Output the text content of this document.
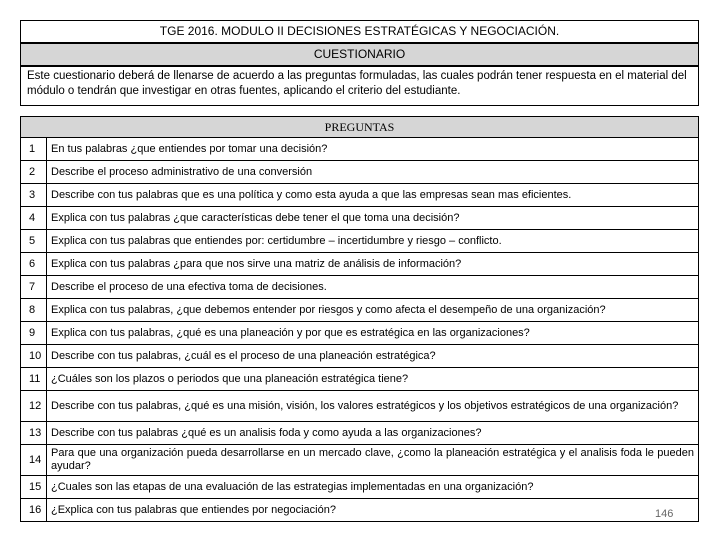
TGE 2016. MODULO II DECISIONES ESTRATÉGICAS Y NEGOCIACIÓN.
CUESTIONARIO
Este cuestionario deberá de llenarse de acuerdo a las preguntas formuladas, las cuales podrán tener respuesta en el material del módulo o tendrán que investigar en otras fuentes, aplicando el criterio del estudiante.
PREGUNTAS	
1	En tus palabras ¿que entiendes por tomar una decisión?
2	Describe el proceso administrativo de una conversión
3	Describe con tus palabras que es una política y como esta ayuda a que las empresas sean mas eficientes.
4	Explica con tus palabras ¿que características debe tener el que toma una decisión?
5	Explica con tus palabras que entiendes por: certidumbre – incertidumbre y riesgo – conflicto.
6	Explica con tus palabras ¿para que nos sirve una matriz de análisis de información?
7	Describe el proceso de una efectiva toma de decisiones.
8	Explica con tus palabras, ¿que debemos entender por riesgos y como afecta el desempeño de una organización?
9	Explica con tus palabras, ¿qué es una planeación y por que es estratégica en las organizaciones?
10	Describe con tus palabras, ¿cuál es el proceso de una planeación estratégica?
11	¿Cuáles son los plazos o periodos que una planeación estratégica tiene?
12	Describe con tus palabras, ¿qué es una misión, visión, los valores estratégicos y los objetivos estratégicos de una organización?
13	Describe con tus palabras ¿qué es un analisis foda y como ayuda a las organizaciones?
14	Para que una organización pueda desarrollarse en un mercado clave, ¿como la planeación estratégica y el analisis foda le pueden ayudar?
15	¿Cuales son las etapas de una evaluación de las estrategias implementadas en una organización?
16	¿Explica con tus palabras que entiendes por negociación?	146
